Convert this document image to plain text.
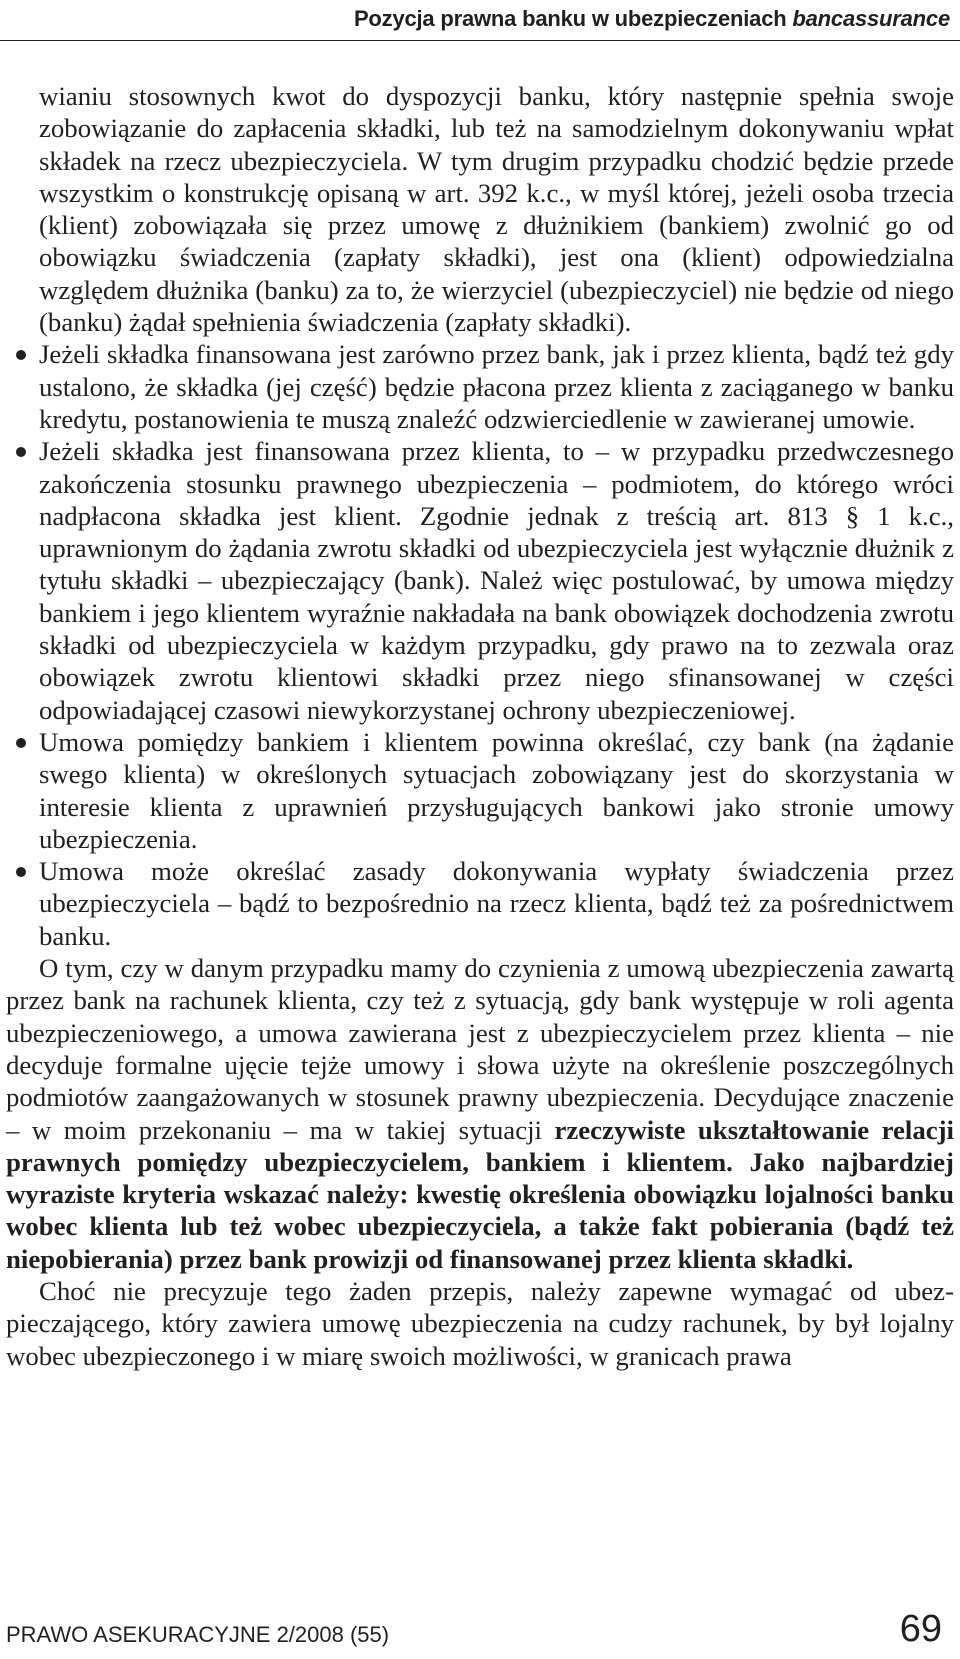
Pozycja prawna banku w ubezpieczeniach bancassurance

wianiu stosownych kwot do dyspozycji banku, który następnie spełnia swoje zobowiązanie do zapłacenia składki, lub też na samodzielnym dokonywaniu wpłat składek na rzecz ubezpieczyciela. W tym drugim przypadku chodzić będzie przede wszystkim o konstrukcję opisaną w art. 392 k.c., w myśl której, jeżeli osoba trzecia (klient) zobowiązała się przez umowę z dłużnikiem (bankiem) zwolnić go od obowiązku świadczenia (zapłaty składki), jest ona (klient) odpowiedzialna względem dłużnika (banku) za to, że wierzyciel (ubezpieczyciel) nie będzie od niego (banku) żądał spełnienia świadczenia (zapłaty składki).

Jeżeli składka finansowana jest zarówno przez bank, jak i przez klienta, bądź też gdy ustalono, że składka (jej część) będzie płacona przez klienta z zaciąganego w banku kredytu, postanowienia te muszą znaleźć odzwierciedlenie w zawieranej umowie.
Jeżeli składka jest finansowana przez klienta, to – w przypadku przedwczesnego zakończenia stosunku prawnego ubezpieczenia – podmiotem, do którego wróci nadpłacona składka jest klient. Zgodnie jednak z treścią art. 813 § 1 k.c., uprawnionym do żądania zwrotu składki od ubezpieczyciela jest wyłącznie dłużnik z tytułu składki – ubezpieczający (bank). Należ więc postulować, by umowa między bankiem i jego klientem wyraźnie nakładała na bank obowiązek dochodzenia zwrotu składki od ubezpieczyciela w każdym przypadku, gdy prawo na to zezwala oraz obowiązek zwrotu klientowi składki przez niego sfinansowanej w części odpowiadającej czasowi niewykorzystanej ochrony ubezpieczeniowej.
Umowa pomiędzy bankiem i klientem powinna określać, czy bank (na żądanie swego klienta) w określonych sytuacjach zobowiązany jest do skorzystania w interesie klienta z uprawnień przysługujących bankowi jako stronie umowy ubezpieczenia.
Umowa może określać zasady dokonywania wypłaty świadczenia przez ubezpieczyciela – bądź to bezpośrednio na rzecz klienta, bądź też za pośrednictwem banku.

O tym, czy w danym przypadku mamy do czynienia z umową ubezpieczenia zawartą przez bank na rachunek klienta, czy też z sytuacją, gdy bank występuje w roli agenta ubezpieczeniowego, a umowa zawierana jest z ubezpieczycielem przez klienta – nie decyduje formalne ujęcie tejże umowy i słowa użyte na określenie poszczególnych podmiotów zaangażowanych w stosunek prawny ubezpieczenia. Decydujące znaczenie – w moim przekonaniu – ma w takiej sytuacji rzeczywiste ukształtowanie relacji prawnych pomiędzy ubezpieczycielem, bankiem i klientem. Jako najbardziej wyraziste kryteria wskazać należy: kwestię określenia obowiązku lojalności banku wobec klienta lub też wobec ubezpieczyciela, a także fakt pobierania (bądź też niepobierania) przez bank prowizji od finansowanej przez klienta składki.

Choć nie precyzuje tego żaden przepis, należy zapewne wymagać od ubezpieczającego, który zawiera umowę ubezpieczenia na cudzy rachunek, by był lojalny wobec ubezpieczonego i w miarę swoich możliwości, w granicach prawa

PRAWO ASEKURACYJNE 2/2008 (55)	69
